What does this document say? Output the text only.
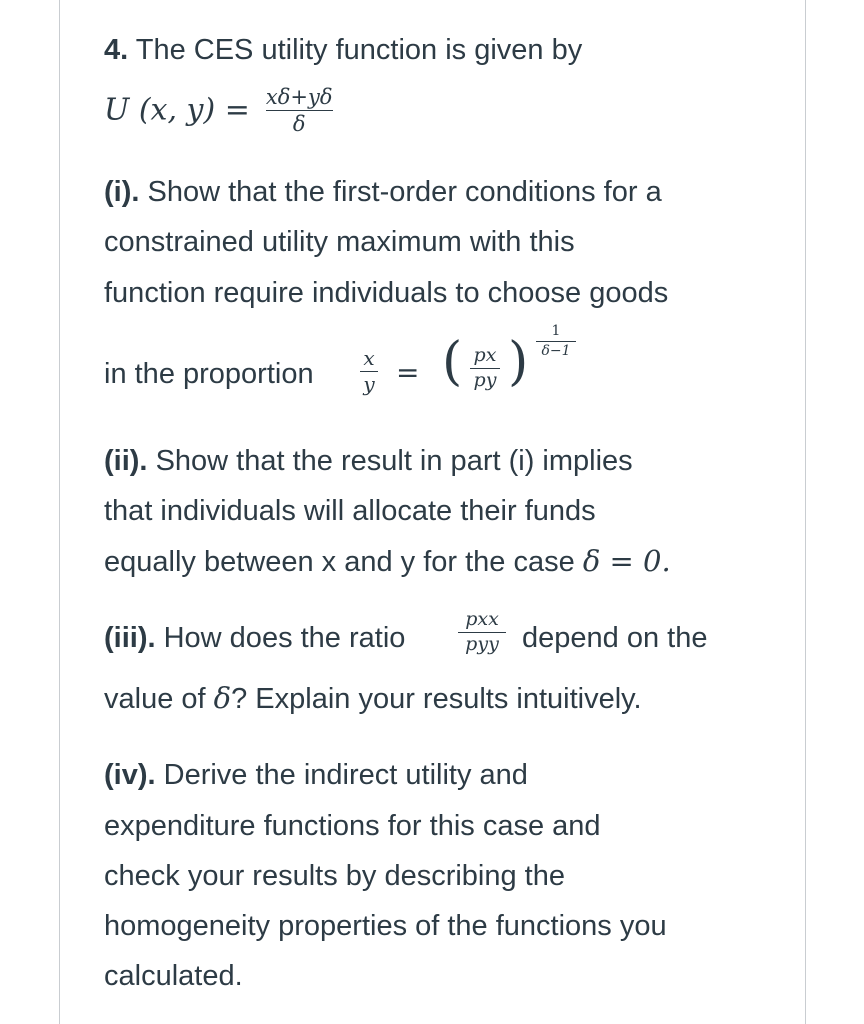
4. The CES utility function is given by
U (x, $y) = \frac{x\delta+y\delta}{\delta}$
(i). Show that the first-order conditions for a
constrained utility maximum with this
function require individuals to choose goods
in the proportion x
y = ( px
py )
1
δ−1
(ii). Show that the result in part (i) implies
that individuals will allocate their funds
equally between x and y for the case δ = 0.
(iii). How does the ratio
pxx
pyy depend on the
value of δ? Explain your results intuitively.
(iv). Derive the indirect utility and
expenditure functions for this case and
check your results by describing the
homogeneity properties of the functions you
calculated.
